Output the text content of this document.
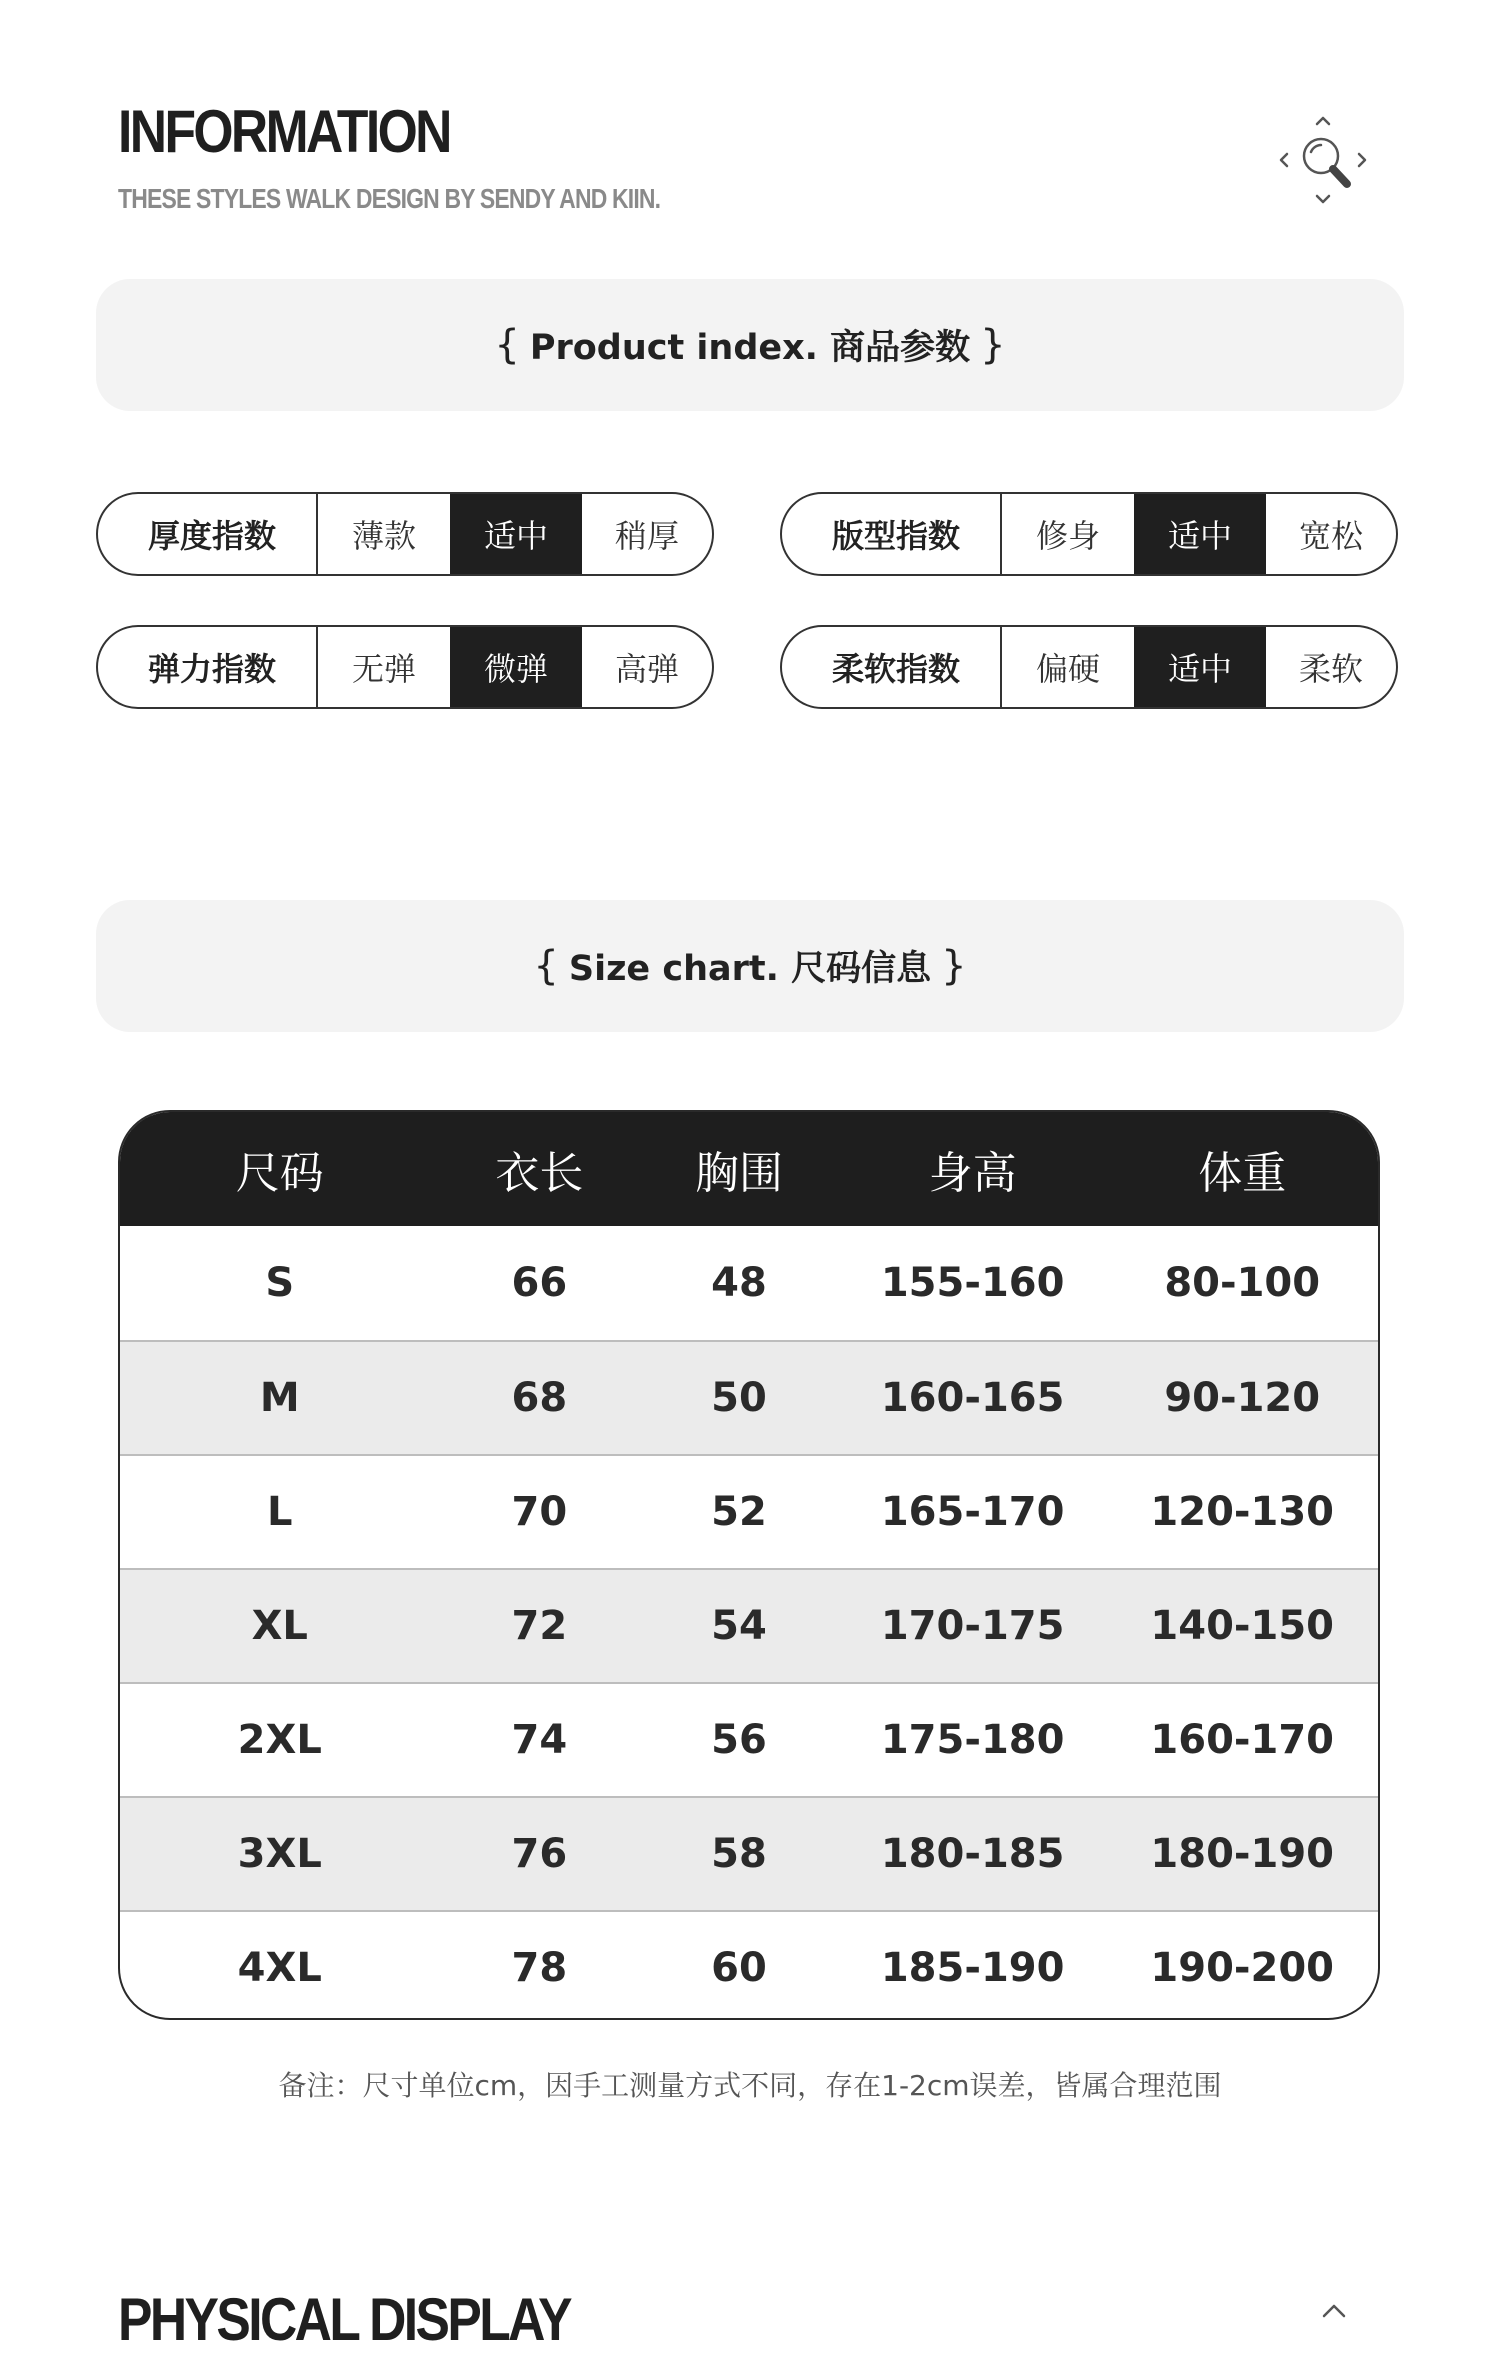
INFORMATION
THESE STYLES WALK DESIGN BY SENDY AND KIIN.
{ Product index. 商品参数 }
厚度指数	薄款	适中	稍厚	版型指数	修身	适中	宽松
弹力指数	无弹	微弹	高弹	柔软指数	偏硬	适中	柔软
{ Size chart. 尺码信息 }
尺码	衣长	胸围	身高	体重
S	66	48	155-160	80-100
M	68	50	160-165	90-120
L	70	52	165-170	120-130
XL	72	54	170-175	140-150
2XL	74	56	175-180	160-170
3XL	76	58	180-185	180-190
4XL	78	60	185-190	190-200
备注：尺寸单位cm，因手工测量方式不同，存在1-2cm误差，皆属合理范围
PHYSICAL DISPLAY
